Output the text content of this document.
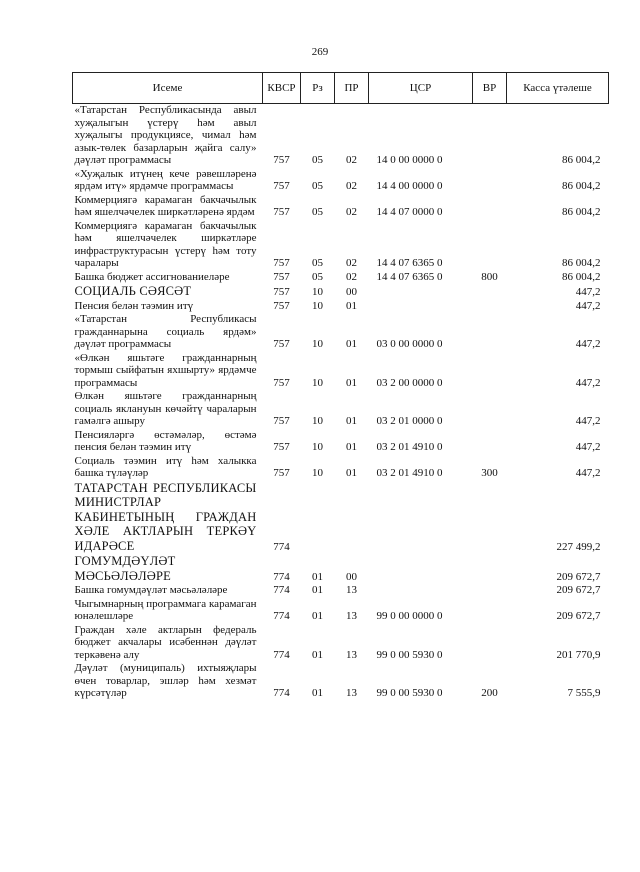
269
Исеме	КВСР	Рз	ПР	ЦСР	ВР	Касса үтәлеше
«Татарстан Республикасында авыл хуҗалыгын үстерү һәм авыл хуҗалыгы продукциясе, чимал һәм азык-төлек базарларын җайга салу» дәүләт программасы	757	05	02	14 0 00 0000 0		86 004,2
«Хуҗалык итүнең кече рәвешләренә ярдәм итү» ярдәмче программасы	757	05	02	14 4 00 0000 0		86 004,2
Коммерциягә карамаган бакчачылык һәм яшелчәчелек ширкәтләренә ярдәм	757	05	02	14 4 07 0000 0		86 004,2
Коммерциягә карамаган бакчачылык һәм яшелчәчелек ширкәтләре инфраструктурасын үстерү һәм тоту чаралары	757	05	02	14 4 07 6365 0		86 004,2
Башка бюджет ассигнованиеләре	757	05	02	14 4 07 6365 0	800	86 004,2
СОЦИАЛЬ СӘЯСӘТ	757	10	00			447,2
Пенсия белән тәэмин итү	757	10	01			447,2
«Татарстан Республикасы гражданнарына социаль ярдәм» дәүләт программасы	757	10	01	03 0 00 0000 0		447,2
«Өлкән яшьтәге гражданнарның тормыш сыйфатын яхшырту» ярдәмче программасы	757	10	01	03 2 00 0000 0		447,2
Өлкән яшьтәге гражданнарның социаль яклануын көчәйтү чараларын гамәлгә ашыру	757	10	01	03 2 01 0000 0		447,2
Пенсияләргә өстәмәләр, өстәмә пенсия белән тәэмин итү	757	10	01	03 2 01 4910 0		447,2
Социаль тәэмин итү һәм халыкка башка түләүләр	757	10	01	03 2 01 4910 0	300	447,2
ТАТАРСТАН РЕСПУБЛИКАСЫ МИНИСТРЛАР КАБИНЕТЫНЫҢ ГРАЖДАН ХӘЛЕ АКТЛАРЫН ТЕРКӘҮ ИДАРӘСЕ	774					227 499,2
ГОМУМДӘҮЛӘТ МӘСЬӘЛӘЛӘРЕ	774	01	00			209 672,7
Башка гомумдәүләт мәсьәләләре	774	01	13			209 672,7
Чыгымнарның программага карамаган юнәлешләре	774	01	13	99 0 00 0000 0		209 672,7
Граждан хәле актларын федераль бюджет акчалары исәбеннән дәүләт теркәвенә алу	774	01	13	99 0 00 5930 0		201 770,9
Дәүләт (муниципаль) ихтыяҗлары өчен товарлар, эшләр һәм хезмәт күрсәтүләр	774	01	13	99 0 00 5930 0	200	7 555,9
